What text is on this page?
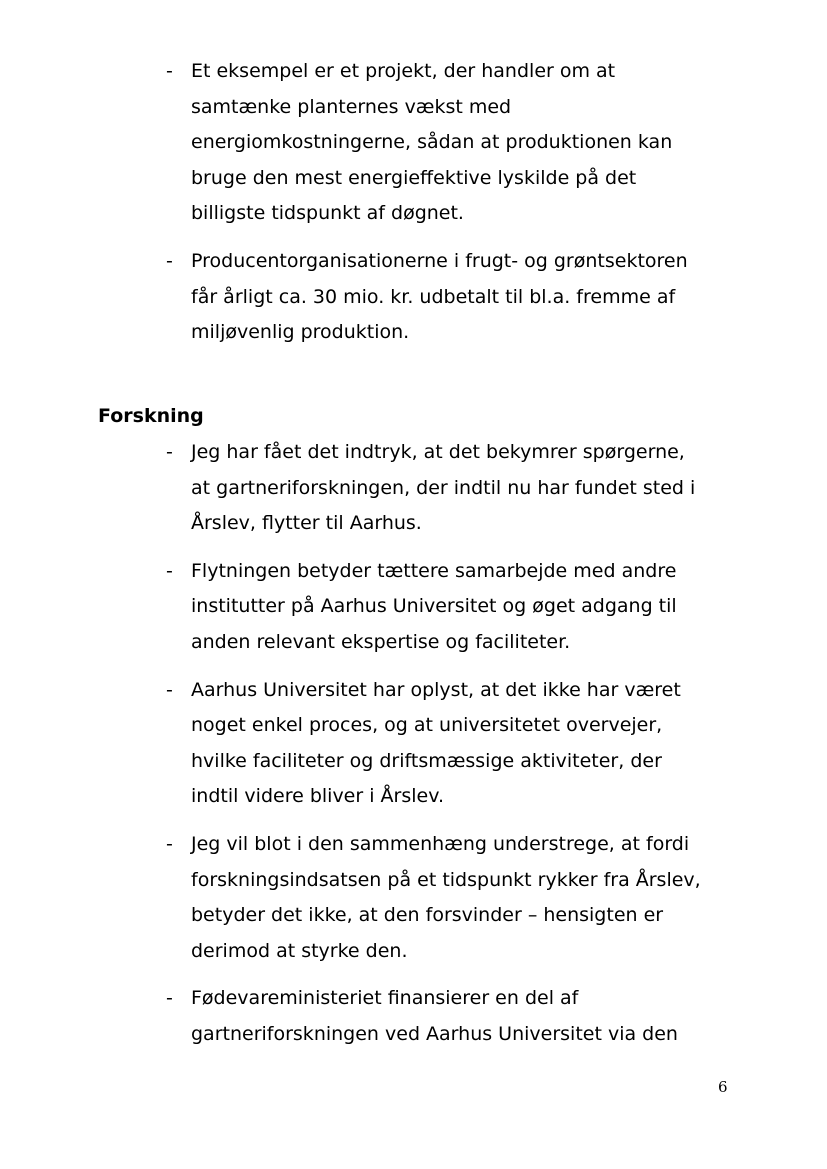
- Et eksempel er et projekt, der handler om at
samtænke planternes vækst med
energiomkostningerne, sådan at produktionen kan
bruge den mest energieffektive lyskilde på det
billigste tidspunkt af døgnet.
- Producentorganisationerne i frugt- og grøntsektoren
får årligt ca. 30 mio. kr. udbetalt til bl.a. fremme af
miljøvenlig produktion.
Forskning
- Jeg har fået det indtryk, at det bekymrer spørgerne,
at gartneriforskningen, der indtil nu har fundet sted i
Årslev, flytter til Aarhus.
- Flytningen betyder tættere samarbejde med andre
institutter på Aarhus Universitet og øget adgang til
anden relevant ekspertise og faciliteter.
- Aarhus Universitet har oplyst, at det ikke har været
noget enkel proces, og at universitetet overvejer,
hvilke faciliteter og driftsmæssige aktiviteter, der
indtil videre bliver i Årslev.
- Jeg vil blot i den sammenhæng understrege, at fordi
forskningsindsatsen på et tidspunkt rykker fra Årslev,
betyder det ikke, at den forsvinder – hensigten er
derimod at styrke den.
- Fødevareministeriet finansierer en del af
gartneriforskningen ved Aarhus Universitet via den
6
